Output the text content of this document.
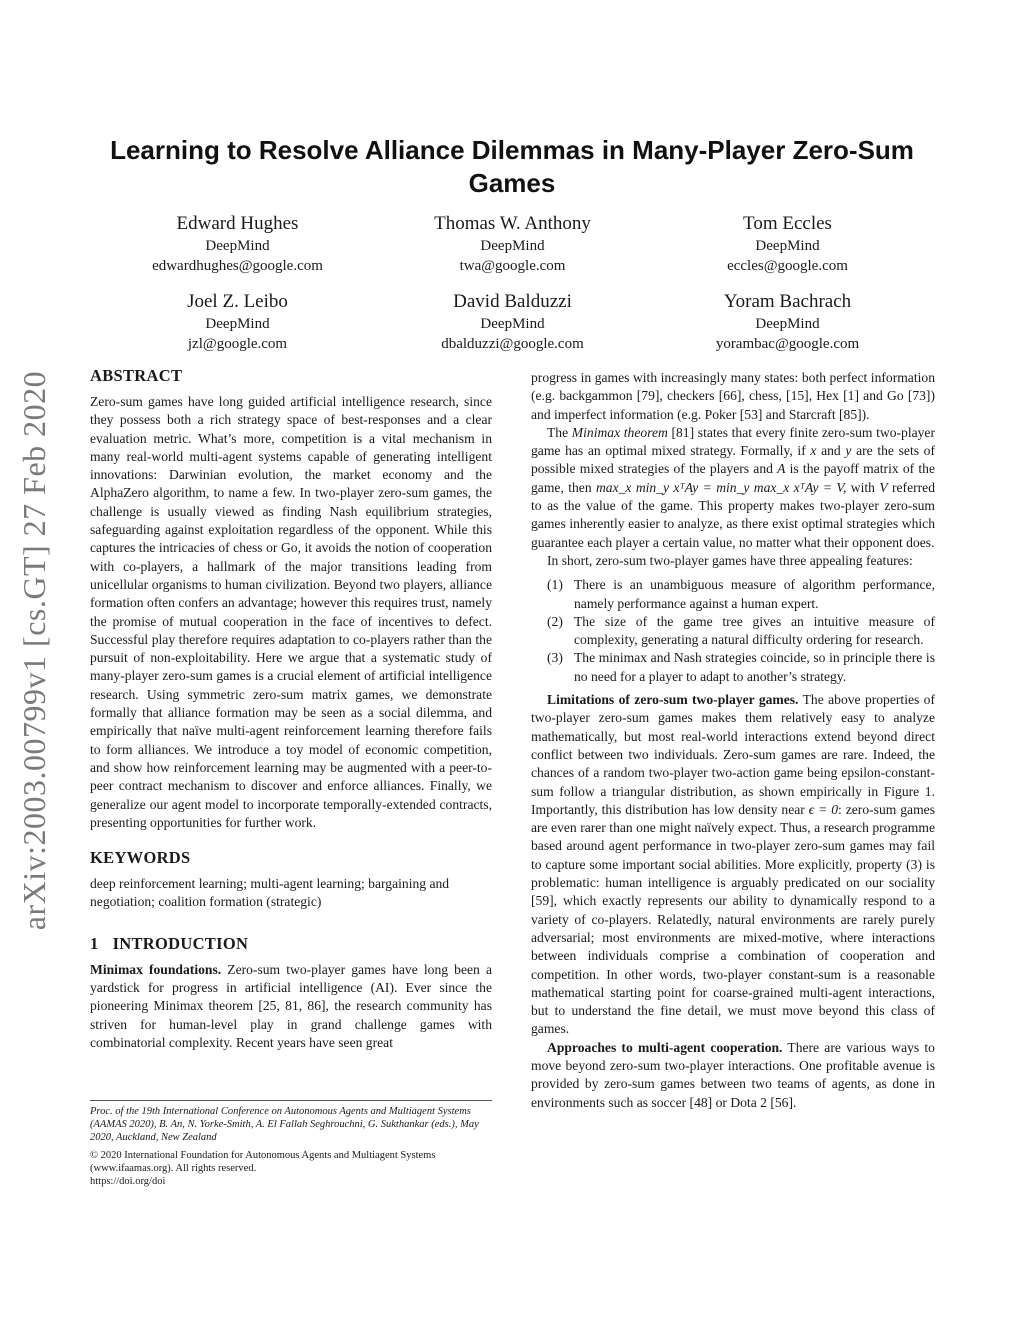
arXiv:2003.00799v1 [cs.GT] 27 Feb 2020
Learning to Resolve Alliance Dilemmas in Many-Player Zero-Sum Games
Edward Hughes
DeepMind
edwardhughes@google.com
Thomas W. Anthony
DeepMind
twa@google.com
Tom Eccles
DeepMind
eccles@google.com
Joel Z. Leibo
DeepMind
jzl@google.com
David Balduzzi
DeepMind
dbalduzzi@google.com
Yoram Bachrach
DeepMind
yorambac@google.com
ABSTRACT

Zero-sum games have long guided artificial intelligence research, since they possess both a rich strategy space of best-responses and a clear evaluation metric. What’s more, competition is a vital mechanism in many real-world multi-agent systems capable of generating intelligent innovations: Darwinian evolution, the market economy and the AlphaZero algorithm, to name a few. In two-player zero-sum games, the challenge is usually viewed as finding Nash equilibrium strategies, safeguarding against exploitation regardless of the opponent. While this captures the intricacies of chess or Go, it avoids the notion of cooperation with co-players, a hallmark of the major transitions leading from unicellular organisms to human civilization. Beyond two players, alliance formation often confers an advantage; however this requires trust, namely the promise of mutual cooperation in the face of incentives to defect. Successful play therefore requires adaptation to co-players rather than the pursuit of non-exploitability. Here we argue that a systematic study of many-player zero-sum games is a crucial element of artificial intelligence research. Using symmetric zero-sum matrix games, we demonstrate formally that alliance formation may be seen as a social dilemma, and empirically that naïve multi-agent reinforcement learning therefore fails to form alliances. We introduce a toy model of economic competition, and show how reinforcement learning may be augmented with a peer-to-peer contract mechanism to discover and enforce alliances. Finally, we generalize our agent model to incorporate temporally-extended contracts, presenting opportunities for further work.

KEYWORDS

deep reinforcement learning; multi-agent learning; bargaining and negotiation; coalition formation (strategic)

1 INTRODUCTION

Minimax foundations. Zero-sum two-player games have long been a yardstick for progress in artificial intelligence (AI). Ever since the pioneering Minimax theorem [25, 81, 86], the research community has striven for human-level play in grand challenge games with combinatorial complexity. Recent years have seen great

Proc. of the 19th International Conference on Autonomous Agents and Multiagent Systems (AAMAS 2020), B. An, N. Yorke-Smith, A. El Fallah Seghrouchni, G. Sukthankar (eds.), May 2020, Auckland, New Zealand

© 2020 International Foundation for Autonomous Agents and Multiagent Systems (www.ifaamas.org). All rights reserved.

https://doi.org/doi

progress in games with increasingly many states: both perfect information (e.g. backgammon [79], checkers [66], chess, [15], Hex [1] and Go [73]) and imperfect information (e.g. Poker [53] and Starcraft [85]).

The Minimax theorem [81] states that every finite zero-sum two-player game has an optimal mixed strategy. Formally, if x and y are the sets of possible mixed strategies of the players and A is the payoff matrix of the game, then max_x min_y xᵀAy = min_y max_x xᵀAy = V, with V referred to as the value of the game. This property makes two-player zero-sum games inherently easier to analyze, as there exist optimal strategies which guarantee each player a certain value, no matter what their opponent does.

In short, zero-sum two-player games have three appealing features:

(1) There is an unambiguous measure of algorithm performance, namely performance against a human expert.
(2) The size of the game tree gives an intuitive measure of complexity, generating a natural difficulty ordering for research.
(3) The minimax and Nash strategies coincide, so in principle there is no need for a player to adapt to another’s strategy.

Limitations of zero-sum two-player games. The above properties of two-player zero-sum games makes them relatively easy to analyze mathematically, but most real-world interactions extend beyond direct conflict between two individuals. Zero-sum games are rare. Indeed, the chances of a random two-player two-action game being epsilon-constant-sum follow a triangular distribution, as shown empirically in Figure 1. Importantly, this distribution has low density near ϵ = 0: zero-sum games are even rarer than one might naïvely expect. Thus, a research programme based around agent performance in two-player zero-sum games may fail to capture some important social abilities. More explicitly, property (3) is problematic: human intelligence is arguably predicated on our sociality [59], which exactly represents our ability to dynamically respond to a variety of co-players. Relatedly, natural environments are rarely purely adversarial; most environments are mixed-motive, where interactions between individuals comprise a combination of cooperation and competition. In other words, two-player constant-sum is a reasonable mathematical starting point for coarse-grained multi-agent interactions, but to understand the fine detail, we must move beyond this class of games.

Approaches to multi-agent cooperation. There are various ways to move beyond zero-sum two-player interactions. One profitable avenue is provided by zero-sum games between two teams of agents, as done in environments such as soccer [48] or Dota 2 [56].
